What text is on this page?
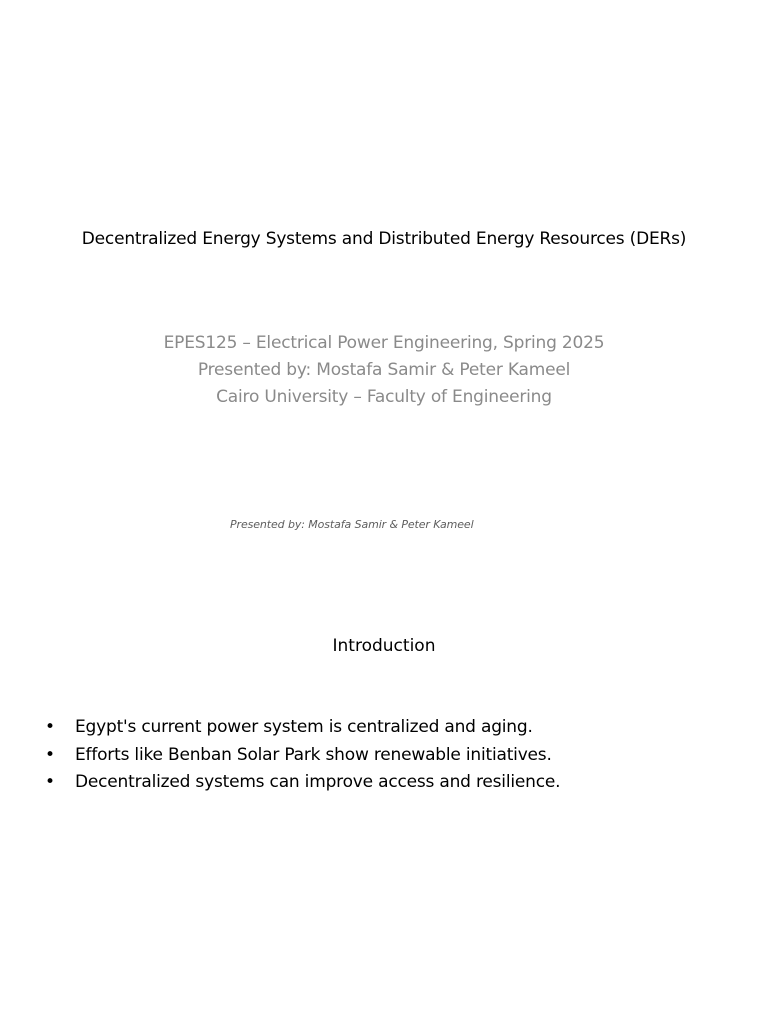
Decentralized Energy Systems and Distributed Energy Resources (DERs)
EPES125 – Electrical Power Engineering, Spring 2025
Presented by: Mostafa Samir & Peter Kameel
Cairo University – Faculty of Engineering
Presented by: Mostafa Samir & Peter Kameel
Introduction
• Egypt's current power system is centralized and aging.
• Efforts like Benban Solar Park show renewable initiatives.
• Decentralized systems can improve access and resilience.
